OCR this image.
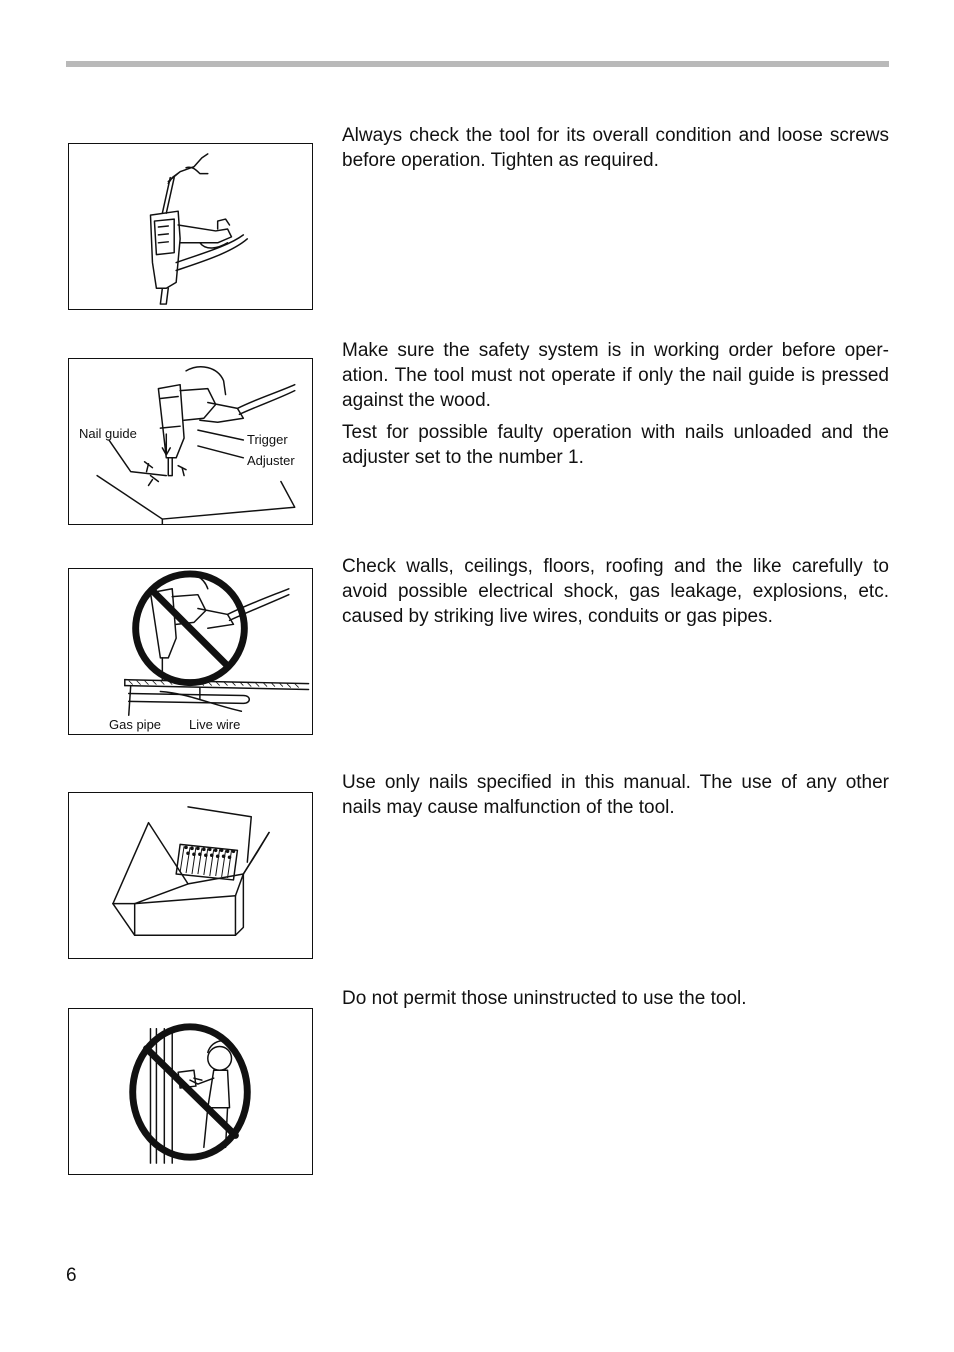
Always check the tool for its overall condition and loose screws before operation. Tighten as required.

Nail guide	Trigger
Adjuster

Make sure the safety system is in working order before oper-ation. The tool must not operate if only the nail guide is pressed against the wood.

Test for possible faulty operation with nails unloaded and the adjuster set to the number 1.

Gas pipe Live wire

Check walls, ceilings, floors, roofing and the like carefully to avoid possible electrical shock, gas leakage, explosions, etc. caused by striking live wires, conduits or gas pipes.

Use only nails specified in this manual. The use of any other nails may cause malfunction of the tool.

Do not permit those uninstructed to use the tool.

6
